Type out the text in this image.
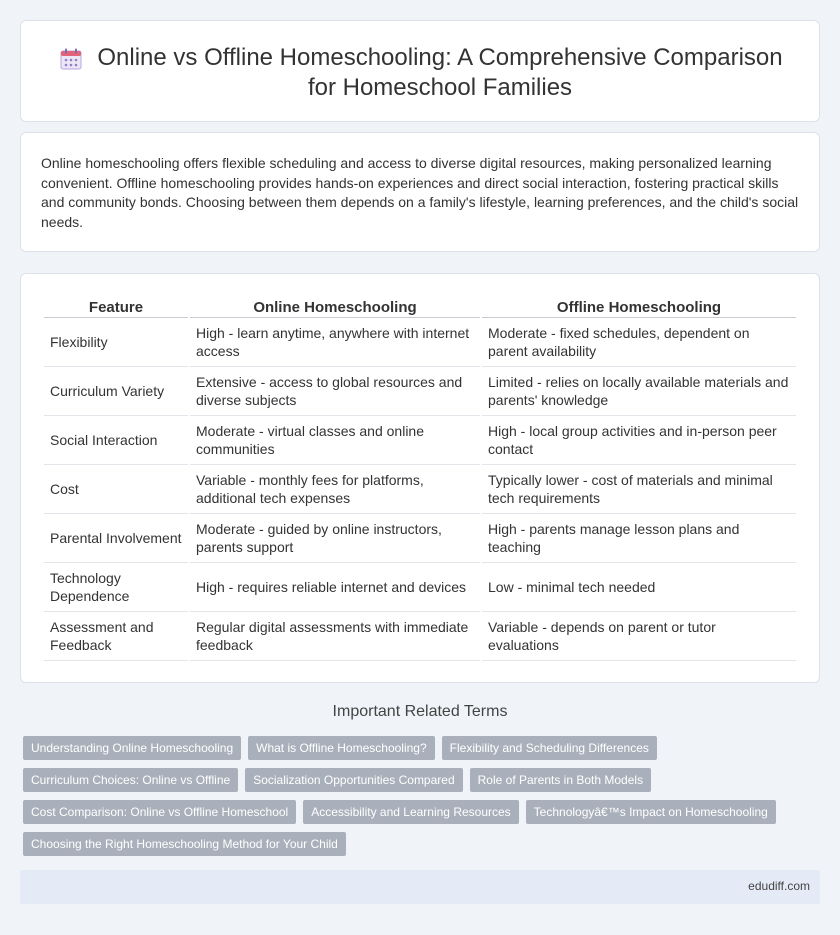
Online vs Offline Homeschooling: A Comprehensive Comparison for Homeschool Families

Online homeschooling offers flexible scheduling and access to diverse digital resources, making personalized learning convenient. Offline homeschooling provides hands-on experiences and direct social interaction, fostering practical skills and community bonds. Choosing between them depends on a family's lifestyle, learning preferences, and the child's social needs.

Feature	Online Homeschooling	Offline Homeschooling
Flexibility	High - learn anytime, anywhere with internet access	Moderate - fixed schedules, dependent on parent availability
Curriculum Variety	Extensive - access to global resources and diverse subjects	Limited - relies on locally available materials and parents' knowledge
Social Interaction	Moderate - virtual classes and online communities	High - local group activities and in-person peer contact
Cost	Variable - monthly fees for platforms, additional tech expenses	Typically lower - cost of materials and minimal tech requirements
Parental Involvement	Moderate - guided by online instructors, parents support	High - parents manage lesson plans and teaching
Technology Dependence	High - requires reliable internet and devices	Low - minimal tech needed
Assessment and Feedback	Regular digital assessments with immediate feedback	Variable - depends on parent or tutor evaluations
Important Related Terms
Understanding Online Homeschooling	What is Offline Homeschooling?	Flexibility and Scheduling Differences
Curriculum Choices: Online vs Offline	Socialization Opportunities Compared	Role of Parents in Both Models
Cost Comparison: Online vs Offline Homeschool	Accessibility and Learning Resources	Technologyâ€™s Impact on Homeschooling
Choosing the Right Homeschooling Method for Your Child
edudiff.com
